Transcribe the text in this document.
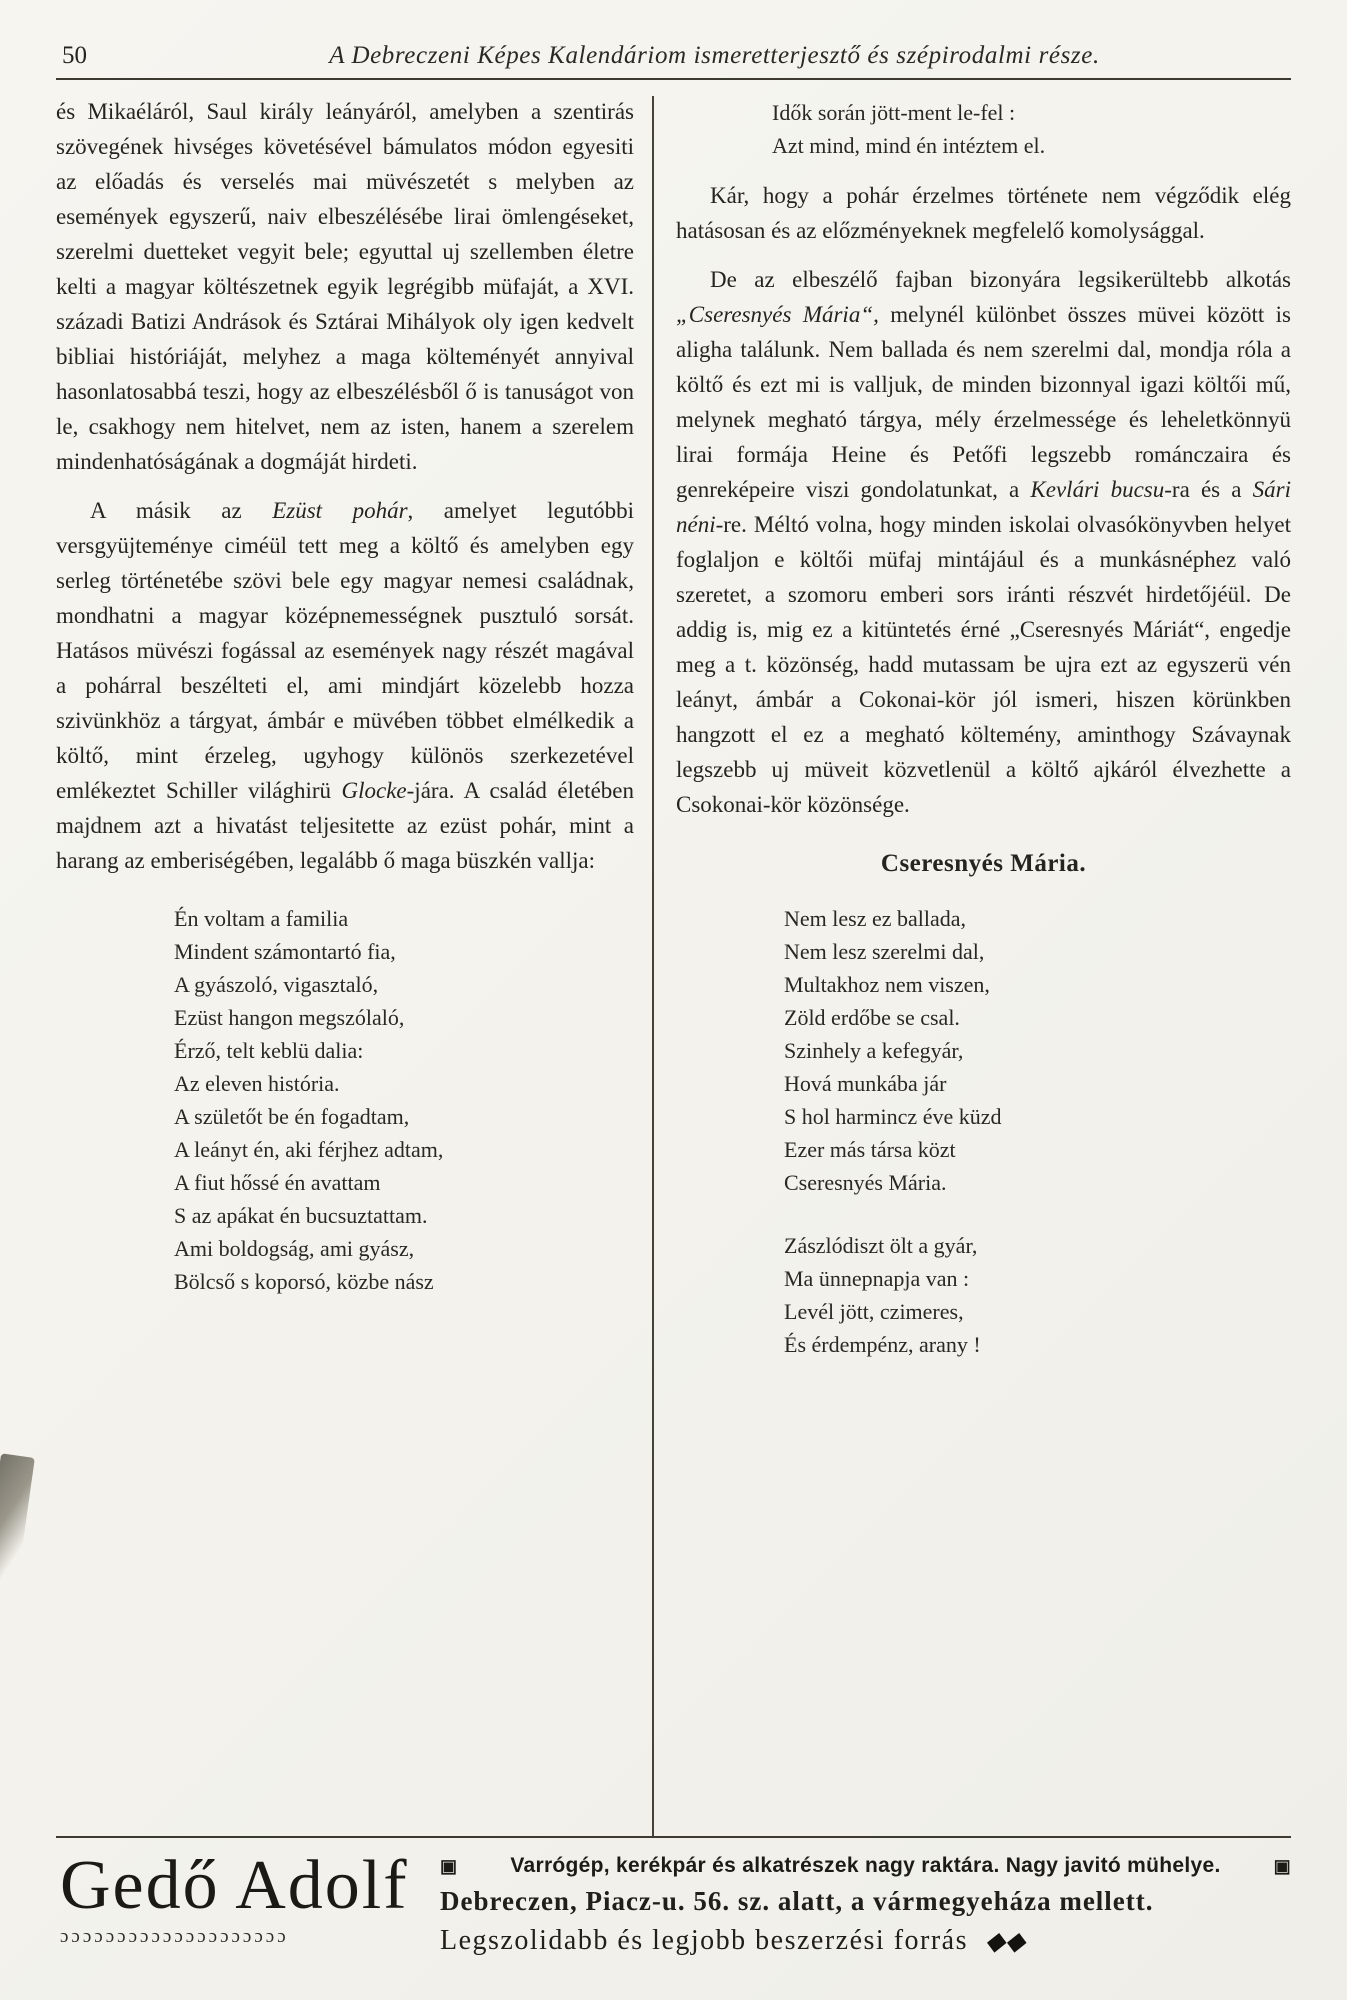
50	A Debreczeni Képes Kalendáriom ismeretterjesztő és szépirodalmi része.

és Mikaéláról, Saul király leányáról, amelyben a szentirás szövegének hivséges követésével bámulatos módon egyesiti az előadás és verselés mai müvészetét s melyben az események egyszerű, naiv elbeszélésébe lirai ömlengéseket, szerelmi duetteket vegyit bele; egyuttal uj szellemben életre kelti a magyar költészetnek egyik legrégibb müfaját, a XVI. századi Batizi Andrások és Sztárai Mihályok oly igen kedvelt bibliai históriáját, melyhez a maga költeményét annyival hasonlatosabbá teszi, hogy az elbeszélésből ő is tanuságot von le, csakhogy nem hitelvet, nem az isten, hanem a szerelem mindenhatóságának a dogmáját hirdeti.

A másik az Ezüst pohár, amelyet legutóbbi versgyüjteménye ciméül tett meg a költő és amelyben egy serleg történetébe szövi bele egy magyar nemesi családnak, mondhatni a magyar középnemességnek pusztuló sorsát. Hatásos müvészi fogással az események nagy részét magával a pohárral beszélteti el, ami mindjárt közelebb hozza szivünkhöz a tárgyat, ámbár e müvében többet elmélkedik a költő, mint érzeleg, ugyhogy különös szerkezetével emlékeztet Schiller világhirü Glocke-jára. A család életében majdnem azt a hivatást teljesitette az ezüst pohár, mint a harang az emberiségében, legalább ő maga büszkén vallja:

Én voltam a familia
Mindent számontartó fia,
A gyászoló, vigasztaló,
Ezüst hangon megszólaló,
Érző, telt keblü dalia:
Az eleven história.
A születőt be én fogadtam,
A leányt én, aki férjhez adtam,
A fiut hőssé én avattam
S az apákat én bucsuztattam.
Ami boldogság, ami gyász,
Bölcső s koporsó, közbe nász
Idők során jött-ment le-fel :
Azt mind, mind én intéztem el.

Kár, hogy a pohár érzelmes története nem végződik elég hatásosan és az előzményeknek megfelelő komolysággal.

De az elbeszélő fajban bizonyára legsikerültebb alkotás „Cseresnyés Mária“, melynél különbet összes müvei között is aligha találunk. Nem ballada és nem szerelmi dal, mondja róla a költő és ezt mi is valljuk, de minden bizonnyal igazi költői mű, melynek megható tárgya, mély érzelmessége és leheletkönnyü lirai formája Heine és Petőfi legszebb románczaira és genreképeire viszi gondolatunkat, a Kevlári bucsu-ra és a Sári néni-re. Méltó volna, hogy minden iskolai olvasókönyvben helyet foglaljon e költői müfaj mintájául és a munkásnéphez való szeretet, a szomoru emberi sors iránti részvét hirdetőjéül. De addig is, mig ez a kitüntetés érné „Cseresnyés Máriát“, engedje meg a t. közönség, hadd mutassam be ujra ezt az egyszerü vén leányt, ámbár a Cokonai-kör jól ismeri, hiszen körünkben hangzott el ez a megható költemény, aminthogy Szávaynak legszebb uj müveit közvetlenül a költő ajkáról élvezhette a Csokonai-kör közönsége.

Cseresnyés Mária.
Nem lesz ez ballada,
Nem lesz szerelmi dal,
Multakhoz nem viszen,
Zöld erdőbe se csal.
Szinhely a kefegyár,
Hová munkába jár
S hol harmincz éve küzd
Ezer más társa közt
Cseresnyés Mária.
Zászlódiszt ölt a gyár,
Ma ünnepnapja van :
Levél jött, czimeres,
És érdempénz, arany !
Gedő Adolf
ɔɔɔɔɔɔɔɔɔɔɔɔɔɔɔɔɔɔɔɔ
▣	Varrógép, kerékpár és alkatrészek nagy raktára. Nagy javitó mühelye.	▣
Debreczen, Piacz-u. 56. sz. alatt, a vármegyeháza mellett.
Legszolidabb és legjobb beszerzési forrás ◆◆
